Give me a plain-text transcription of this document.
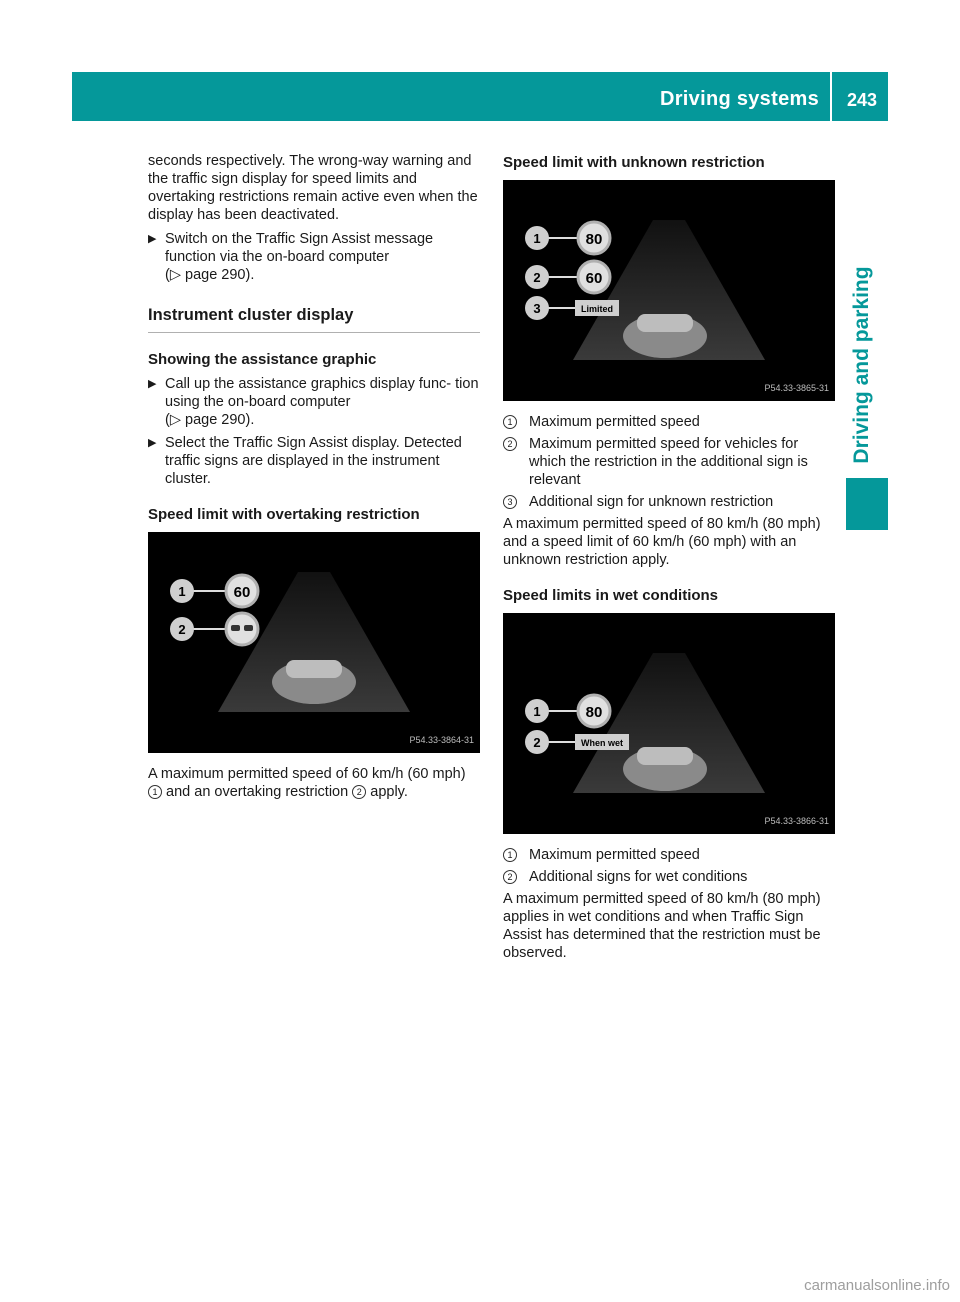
Driving systems	243
Driving and parking

seconds respectively. The wrong-way warning and the traffic sign display for speed limits and overtaking restrictions remain active even when the display has been deactivated.

▶ Switch on the Traffic Sign Assist message function via the on-board computer
(▷ page 290).
Instrument cluster display
Showing the assistance graphic
▶ Call up the assistance graphics display func- tion using the on-board computer
(▷ page 290).
▶ Select the Traffic Sign Assist display. Detected traffic signs are displayed in the instrument cluster.
Speed limit with overtaking restriction
1	60
2
P54.33-3864-31

A maximum permitted speed of 60 km/h (60 mph) 1 and an overtaking restriction 2 apply.

Speed limit with unknown restriction
1	80
2	60
3	Limited
P54.33-3865-31
1	Maximum permitted speed
2	Maximum permitted speed for vehicles for which the restriction in the additional sign is relevant
3	Additional sign for unknown restriction

A maximum permitted speed of 80 km/h (80 mph) and a speed limit of 60 km/h (60 mph) with an unknown restriction apply.

Speed limits in wet conditions
1	80
2	When wet
P54.33-3866-31
1	Maximum permitted speed
2	Additional signs for wet conditions

A maximum permitted speed of 80 km/h (80 mph) applies in wet conditions and when Traffic Sign Assist has determined that the restriction must be observed.

carmanualsonline.info
